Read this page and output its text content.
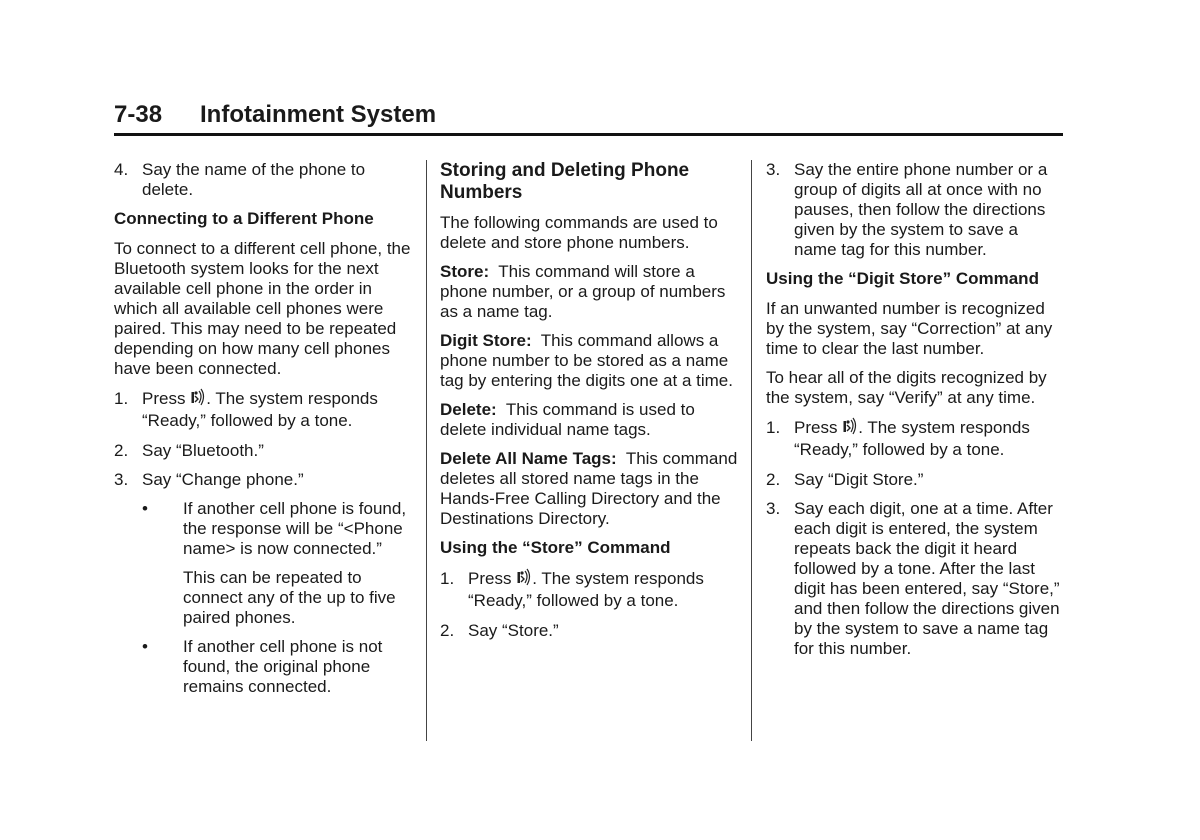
7-38 Infotainment System
4. Say the name of the phone to delete.

Connecting to a Different Phone

To connect to a different cell phone, the Bluetooth system looks for the next available cell phone in the order in which all available cell phones were paired. This may need to be repeated depending on how many cell phones have been connected.

1. Press . The system responds “Ready,” followed by a tone.
2. Say “Bluetooth.”
3. Say “Change phone.”
• If another cell phone is found, the response will be “<Phone name> is now connected.”

This can be repeated to connect any of the up to five paired phones.

• If another cell phone is not found, the original phone remains connected.

Storing and Deleting Phone Numbers

The following commands are used to delete and store phone numbers.

Store: This command will store a phone number, or a group of numbers as a name tag.

Digit Store: This command allows a phone number to be stored as a name tag by entering the digits one at a time.

Delete: This command is used to delete individual name tags.

Delete All Name Tags: This command deletes all stored name tags in the Hands-Free Calling Directory and the Destinations Directory.

Using the “Store” Command

1. Press . The system responds “Ready,” followed by a tone.
2. Say “Store.”
3. Say the entire phone number or a group of digits all at once with no pauses, then follow the directions given by the system to save a name tag for this number.

Using the “Digit Store” Command

If an unwanted number is recognized by the system, say “Correction” at any time to clear the last number.

To hear all of the digits recognized by the system, say “Verify” at any time.

1. Press . The system responds “Ready,” followed by a tone.
2. Say “Digit Store.”
3. Say each digit, one at a time. After each digit is entered, the system repeats back the digit it heard followed by a tone. After the last digit has been entered, say “Store,” and then follow the directions given by the system to save a name tag for this number.
